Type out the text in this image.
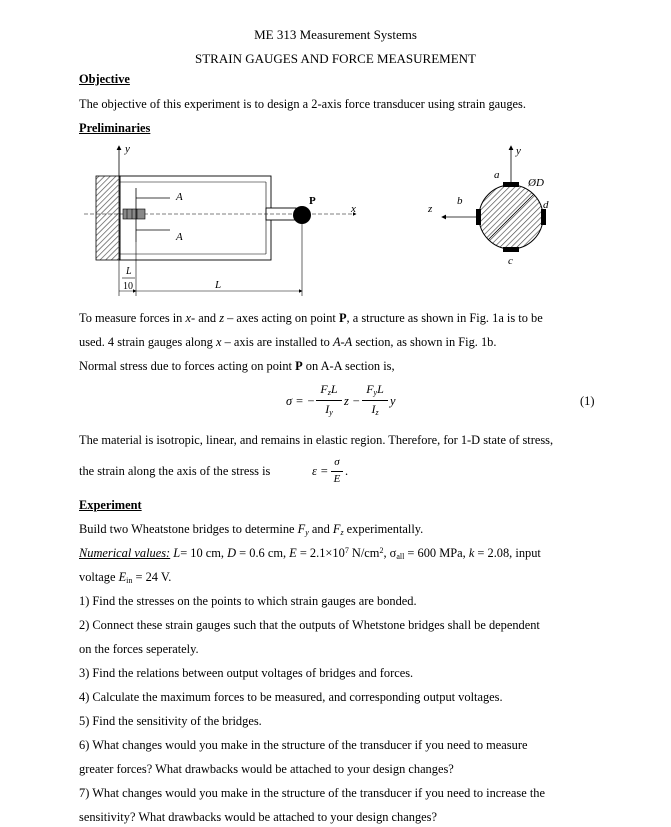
ME 313 Measurement Systems
STRAIN GAUGES AND FORCE MEASUREMENT
Objective
The objective of this experiment is to design a 2-axis force transducer using strain gauges.
Preliminaries
y
x
A
A
P
L
10	L
y
z
ØD
a
b
c
d
To measure forces in x- and z – axes acting on point P, a structure as shown in Fig. 1a is to be
used. 4 strain gauges along x – axis are installed to A-A section, as shown in Fig. 1b.
Normal stress due to forces acting on point P on A-A section is,
σ = −
$F_zL$
$I_y$
z −
$F_yL$
$I_z$
y	(1)
The material is isotropic, linear, and remains in elastic region. Therefore, for 1-D state of stress,
the strain along the axis of the stress is	ε =
σ
E
.
Experiment
Build two Wheatstone bridges to determine $F_y$ and $F_z$ experimentally.
Numerical values: L= 10 cm, D = 0.6 cm, $E = 2.1\times 10^7$ $N/cm^2$, $\sigma_{all} = 600$ MPa, k = 2.08, input
voltage $E_{in} = 24$ V.
1) Find the stresses on the points to which strain gauges are bonded.
2) Connect these strain gauges such that the outputs of Whetstone bridges shall be dependent
on the forces seperately.
3) Find the relations between output voltages of bridges and forces.
4) Calculate the maximum forces to be measured, and corresponding output voltages.
5) Find the sensitivity of the bridges.
6) What changes would you make in the structure of the transducer if you need to measure
greater forces? What drawbacks would be attached to your design changes?
7) What changes would you make in the structure of the transducer if you need to increase the
sensitivity? What drawbacks would be attached to your design changes?
